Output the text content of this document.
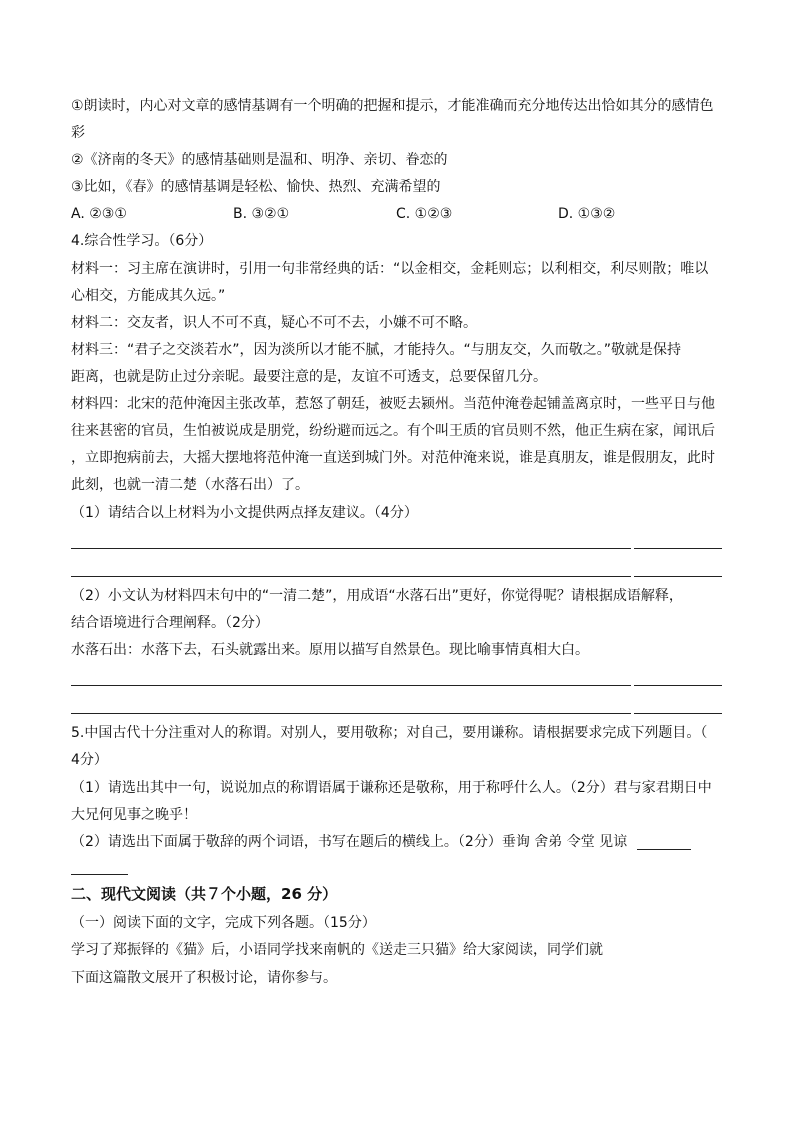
①朗读时，内心对文章的感情基调有一个明确的把握和提示，才能准确而充分地传达出恰如其分的感情色
彩
②《济南的冬天》的感情基础则是温和、明净、亲切、眷恋的
③比如，《春》的感情基调是轻松、愉快、热烈、充满希望的
A. ②③①	B. ③②①	C. ①②③	D. ①③②
4.综合性学习。（6分）
材料一：习主席在演讲时，引用一句非常经典的话：“以金相交，金耗则忘；以利相交，利尽则散；唯以
心相交，方能成其久远。”
材料二：交友者，识人不可不真，疑心不可不去，小嫌不可不略。
材料三：“君子之交淡若水”，因为淡所以才能不腻，才能持久。“与朋友交，久而敬之。”敬就是保持
距离，也就是防止过分亲昵。最要注意的是，友谊不可透支，总要保留几分。
材料四：北宋的范仲淹因主张改革，惹怒了朝廷，被贬去颍州。当范仲淹卷起铺盖离京时，一些平日与他
往来甚密的官员，生怕被说成是朋党，纷纷避而远之。有个叫王质的官员则不然，他正生病在家，闻讯后
，立即抱病前去，大摇大摆地将范仲淹一直送到城门外。对范仲淹来说，谁是真朋友，谁是假朋友，此时
此刻，也就一清二楚（水落石出）了。
（1）请结合以上材料为小文提供两点择友建议。（4分）
（2）小文认为材料四末句中的“一清二楚”，用成语“水落石出”更好，你觉得呢？请根据成语解释，
结合语境进行合理阐释。（2分）
水落石出：水落下去，石头就露出来。原用以描写自然景色。现比喻事情真相大白。
5.中国古代十分注重对人的称谓。对别人，要用敬称；对自己，要用谦称。请根据要求完成下列题目。（
4分）
（1）请选出其中一句，说说加点的称谓语属于谦称还是敬称，用于称呼什么人。（2分）君与家君期日中
大兄何见事之晚乎！
（2）请选出下面属于敬辞的两个词语，书写在题后的横线上。（2分）垂询 舍弟 令堂 见谅
二、现代文阅读（共７个小题，26 分）
（一）阅读下面的文字，完成下列各题。（15分）
学习了郑振铎的《猫》后，小语同学找来南帆的《送走三只猫》给大家阅读，同学们就
下面这篇散文展开了积极讨论，请你参与。
